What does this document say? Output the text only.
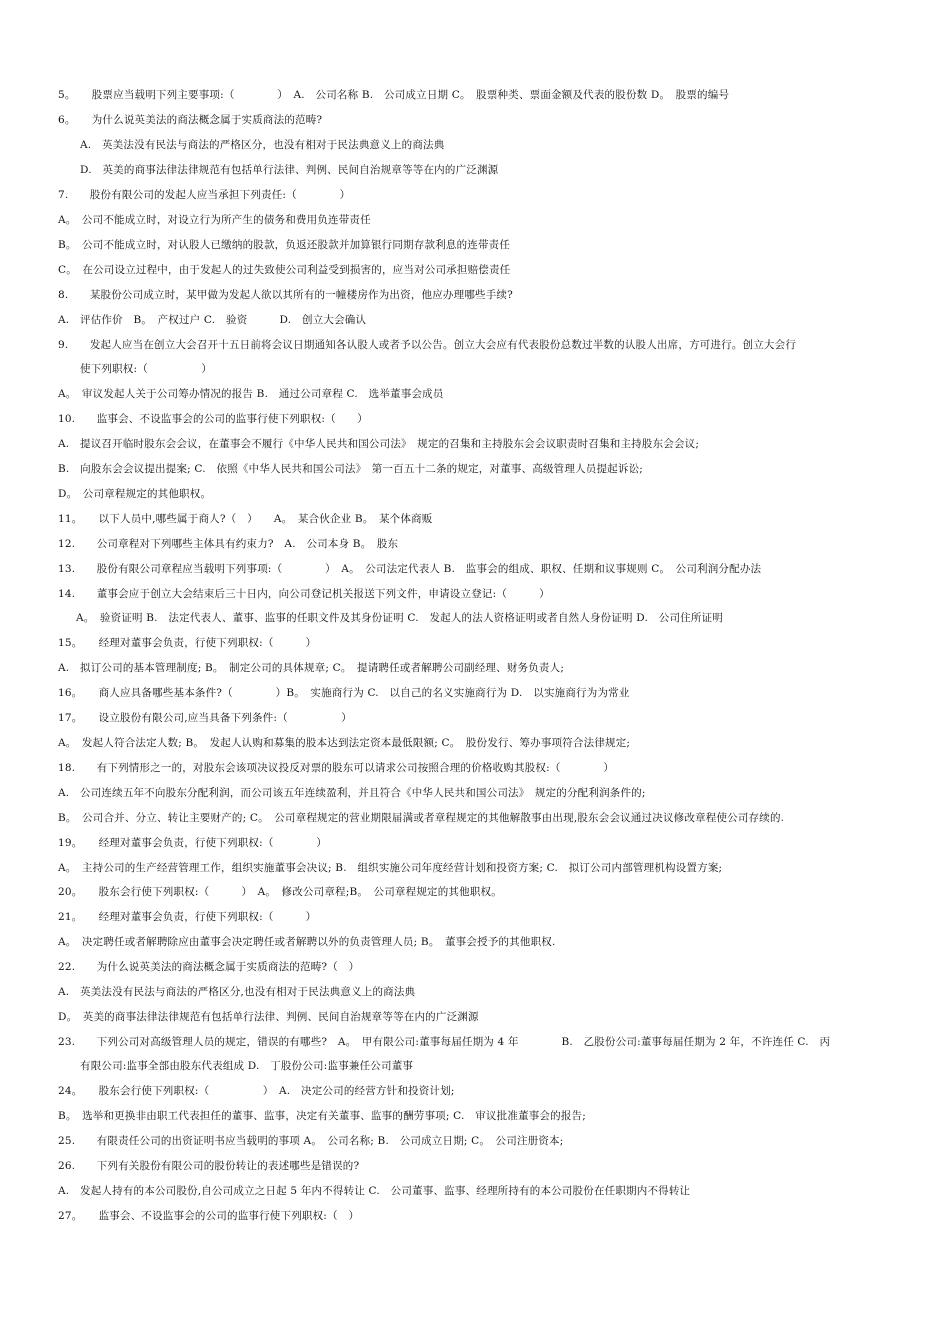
5。　　股票应当载明下列主要事项:（　　　　）　A.　公司名称 B.　公司成立日期 C。　股票种类、票面金额及代表的股份数 D。　股票的编号
6。　　为什么说英美法的商法概念属于实质商法的范畴?
A.　英美法没有民法与商法的严格区分，也没有相对于民法典意义上的商法典
D.　英美的商事法律法律规范有包括单行法律、判例、民间自治规章等等在内的广泛渊源
7.　　股份有限公司的发起人应当承担下列责任:（　　　　）
A。　公司不能成立时，对设立行为所产生的债务和费用负连带责任
B。　公司不能成立时，对认股人已缴纳的股款，负返还股款并加算银行同期存款利息的连带责任
C。　在公司设立过程中，由于发起人的过失致使公司利益受到损害的，应当对公司承担赔偿责任
8.　　某股份公司成立时，某甲做为发起人欲以其所有的一幢楼房作为出资，他应办理哪些手续?
A.　评估作价　B。　产权过户 C.　验资　　　D.　创立大会确认
9.　　发起人应当在创立大会召开十五日前将会议日期通知各认股人或者予以公告。创立大会应有代表股份总数过半数的认股人出席，方可进行。创立大会行
使下列职权:（　　　　　）
A。　审议发起人关于公司筹办情况的报告 B.　通过公司章程 C.　选举董事会成员
10.　　监事会、不设监事会的公司的监事行使下列职权:（　　）
A.　提议召开临时股东会会议，在董事会不履行《中华人民共和国公司法》　规定的召集和主持股东会会议职责时召集和主持股东会会议;
B.　向股东会会议提出提案; C.　依照《中华人民共和国公司法》　第一百五十二条的规定，对董事、高级管理人员提起诉讼;
D。　公司章程规定的其他职权。
11。　　以下人员中,哪些属于商人?（　）　　A。　某合伙企业 B。　某个体商贩
12.　　公司章程对下列哪些主体具有约束力?　A.　公司本身 B。　股东
13.　　股份有限公司章程应当载明下列事项:（　　　　）　A。　公司法定代表人 B.　监事会的组成、职权、任期和议事规则 C。　公司利润分配办法
14.　　董事会应于创立大会结束后三十日内，向公司登记机关报送下列文件，申请设立登记:（　　　）
A。　验资证明 B.　法定代表人、董事、监事的任职文件及其身份证明 C.　发起人的法人资格证明或者自然人身份证明 D.　公司住所证明
15。　　经理对董事会负责，行使下列职权:（　　　）
A.　拟订公司的基本管理制度; B。　制定公司的具体规章; C。　提请聘任或者解聘公司副经理、财务负责人;
16。　　商人应具备哪些基本条件?（　　　　）B。　实施商行为 C.　以自己的名义实施商行为 D.　以实施商行为为常业
17。　　设立股份有限公司,应当具备下列条件:（　　　　　）
A。　发起人符合法定人数; B。　发起人认购和募集的股本达到法定资本最低限额; C。　股份发行、筹办事项符合法律规定;
18.　　有下列情形之一的，对股东会该项决议投反对票的股东可以请求公司按照合理的价格收购其股权:（　　　　）
A.　公司连续五年不向股东分配利润，而公司该五年连续盈利，并且符合《中华人民共和国公司法》　规定的分配利润条件的;
B。　公司合并、分立、转让主要财产的; C。　公司章程规定的营业期限届满或者章程规定的其他解散事由出现,股东会会议通过决议修改章程使公司存续的.
19。　　经理对董事会负责，行使下列职权:（　　　　）
A。　主持公司的生产经营管理工作，组织实施董事会决议; B.　组织实施公司年度经营计划和投资方案; C.　拟订公司内部管理机构设置方案;
20。　　股东会行使下列职权:（　　　）　A。　修改公司章程;B。　公司章程规定的其他职权。
21。　　经理对董事会负责，行使下列职权:（　　　）
A。　决定聘任或者解聘除应由董事会决定聘任或者解聘以外的负责管理人员; B。　董事会授予的其他职权.
22.　　为什么说英美法的商法概念属于实质商法的范畴?（　）
A.　英美法没有民法与商法的严格区分,也没有相对于民法典意义上的商法典
D。　英美的商事法律法律规范有包括单行法律、判例、民间自治规章等等在内的广泛渊源
23.　　下列公司对高级管理人员的规定，错误的有哪些?　A。　甲有限公司:董事每届任期为 4 年　　　　B.　乙股份公司:董事每届任期为 2 年，不许连任 C.　丙
有限公司:监事全部由股东代表组成 D.　丁股份公司:监事兼任公司董事
24。　　股东会行使下列职权:（　　　　　）　A.　决定公司的经营方针和投资计划;
B。　选举和更换非由职工代表担任的董事、监事，决定有关董事、监事的酬劳事项; C.　审议批准董事会的报告;
25.　　有限责任公司的出资证明书应当载明的事项 A。　公司名称; B.　公司成立日期; C。　公司注册资本;
26.　　下列有关股份有限公司的股份转让的表述哪些是错误的?
A.　发起人持有的本公司股份,自公司成立之日起 5 年内不得转让 C.　公司董事、监事、经理所持有的本公司股份在任职期内不得转让
27。　　监事会、不设监事会的公司的监事行使下列职权:（　）
